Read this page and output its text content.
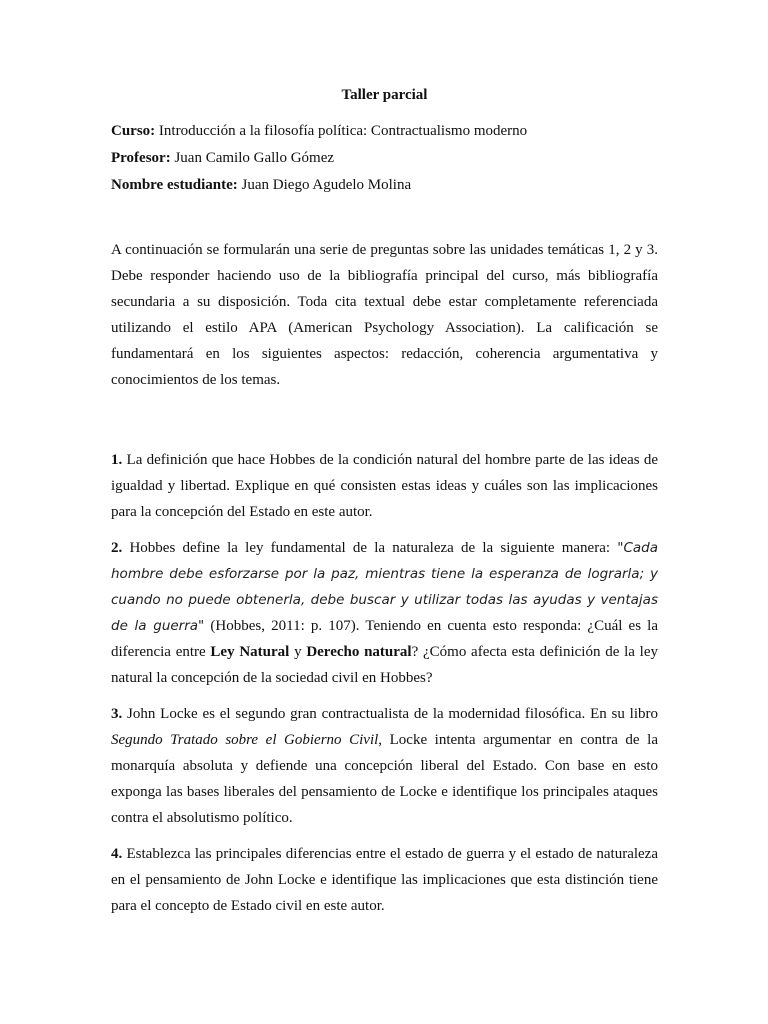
Taller parcial

Curso: Introducción a la filosofía política: Contractualismo moderno

Profesor: Juan Camilo Gallo Gómez

Nombre estudiante: Juan Diego Agudelo Molina

A continuación se formularán una serie de preguntas sobre las unidades temáticas 1, 2 y 3. Debe responder haciendo uso de la bibliografía principal del curso, más bibliografía secundaria a su disposición. Toda cita textual debe estar completamente referenciada utilizando el estilo APA (American Psychology Association). La calificación se fundamentará en los siguientes aspectos: redacción, coherencia argumentativa y conocimientos de los temas.

1. La definición que hace Hobbes de la condición natural del hombre parte de las ideas de igualdad y libertad. Explique en qué consisten estas ideas y cuáles son las implicaciones para la concepción del Estado en este autor.

2. Hobbes define la ley fundamental de la naturaleza de la siguiente manera: "Cada hombre debe esforzarse por la paz, mientras tiene la esperanza de lograrla; y cuando no puede obtenerla, debe buscar y utilizar todas las ayudas y ventajas de la guerra" (Hobbes, 2011: p. 107). Teniendo en cuenta esto responda: ¿Cuál es la diferencia entre Ley Natural y Derecho natural? ¿Cómo afecta esta definición de la ley natural la concepción de la sociedad civil en Hobbes?

3. John Locke es el segundo gran contractualista de la modernidad filosófica. En su libro Segundo Tratado sobre el Gobierno Civil, Locke intenta argumentar en contra de la monarquía absoluta y defiende una concepción liberal del Estado. Con base en esto exponga las bases liberales del pensamiento de Locke e identifique los principales ataques contra el absolutismo político.

4. Establezca las principales diferencias entre el estado de guerra y el estado de naturaleza en el pensamiento de John Locke e identifique las implicaciones que esta distinción tiene para el concepto de Estado civil en este autor.
